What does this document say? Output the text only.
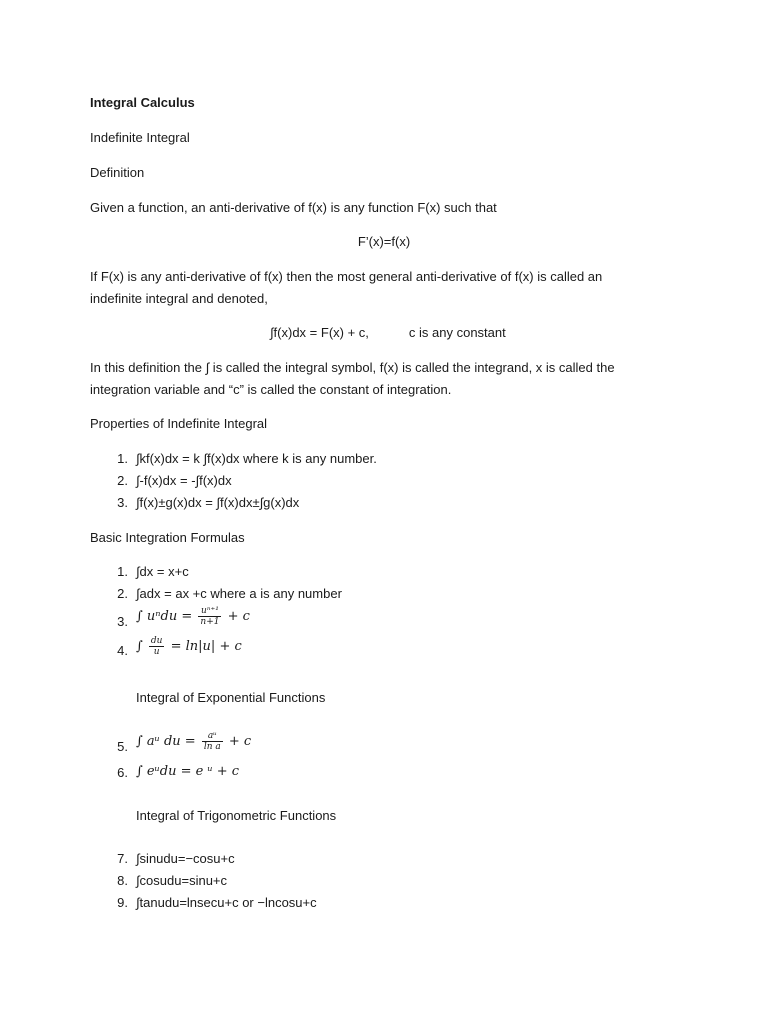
Integral Calculus
Indefinite Integral
Definition
Given a function, an anti-derivative of f(x) is any function F(x) such that
F’(x)=f(x)
If F(x) is any anti-derivative of f(x) then the most general anti-derivative of f(x) is called an
indefinite integral and denoted,
∫f(x)dx = F(x) + c,	c is any constant
In this definition the ∫ is called the integral symbol, f(x) is called the integrand, x is called the
integration variable and “c” is called the constant of integration.
Properties of Indefinite Integral
1. ∫kf(x)dx = k ∫f(x)dx where k is any number.
2. ∫-f(x)dx = -∫f(x)dx
3. ∫f(x)±g(x)dx = ∫f(x)dx±∫g(x)dx
Basic Integration Formulas
1. ∫dx = x+c
2. ∫adx = ax +c where a is any number
3. ∫ $u^ndu = \frac{\text{uⁿ⁺¹}}{n+1} + c$
4. ∫ $\frac{du}{u} = \ln|u| + c$
Integral of Exponential Functions
5. ∫ aᵘ du = $\frac{\text{aᵘ}}{\text{ln a}} + c$
6. ∫ eᵘdu = e ᵘ + c
Integral of Trigonometric Functions
7. ∫sinudu=−cosu+c
8. ∫cosudu=sinu+c
9. ∫tanudu=lnsecu+c or −lncosu+c
